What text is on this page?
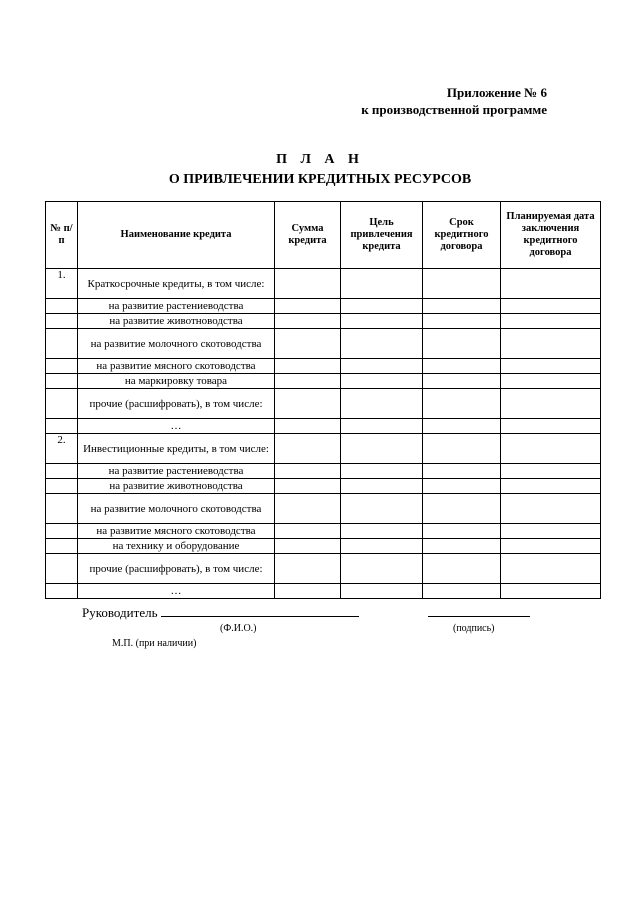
Приложение № 6
к производственной программе
П Л А Н
О ПРИВЛЕЧЕНИИ КРЕДИТНЫХ РЕСУРСОВ
№ п/п	Наименование кредита	Сумма кредита	Цель привлечения кредита	Срок кредитного договора	Планируемая дата заключения кредитного договора
1.	Краткосрочные кредиты, в том числе:				
	на развитие растениеводства				
	на развитие животноводства				
	на развитие молочного скотоводства				
	на развитие мясного скотоводства				
	на маркировку товара				
	прочие (расшифровать), в том числе:				
	…				
2.	Инвестиционные кредиты, в том числе:				
	на развитие растениеводства				
	на развитие животноводства				
	на развитие молочного скотоводства				
	на развитие мясного скотоводства				
	на технику и оборудование				
	прочие (расшифровать), в том числе:				
	…				
Руководитель
(Ф.И.О.)	(подпись)
М.П. (при наличии)
